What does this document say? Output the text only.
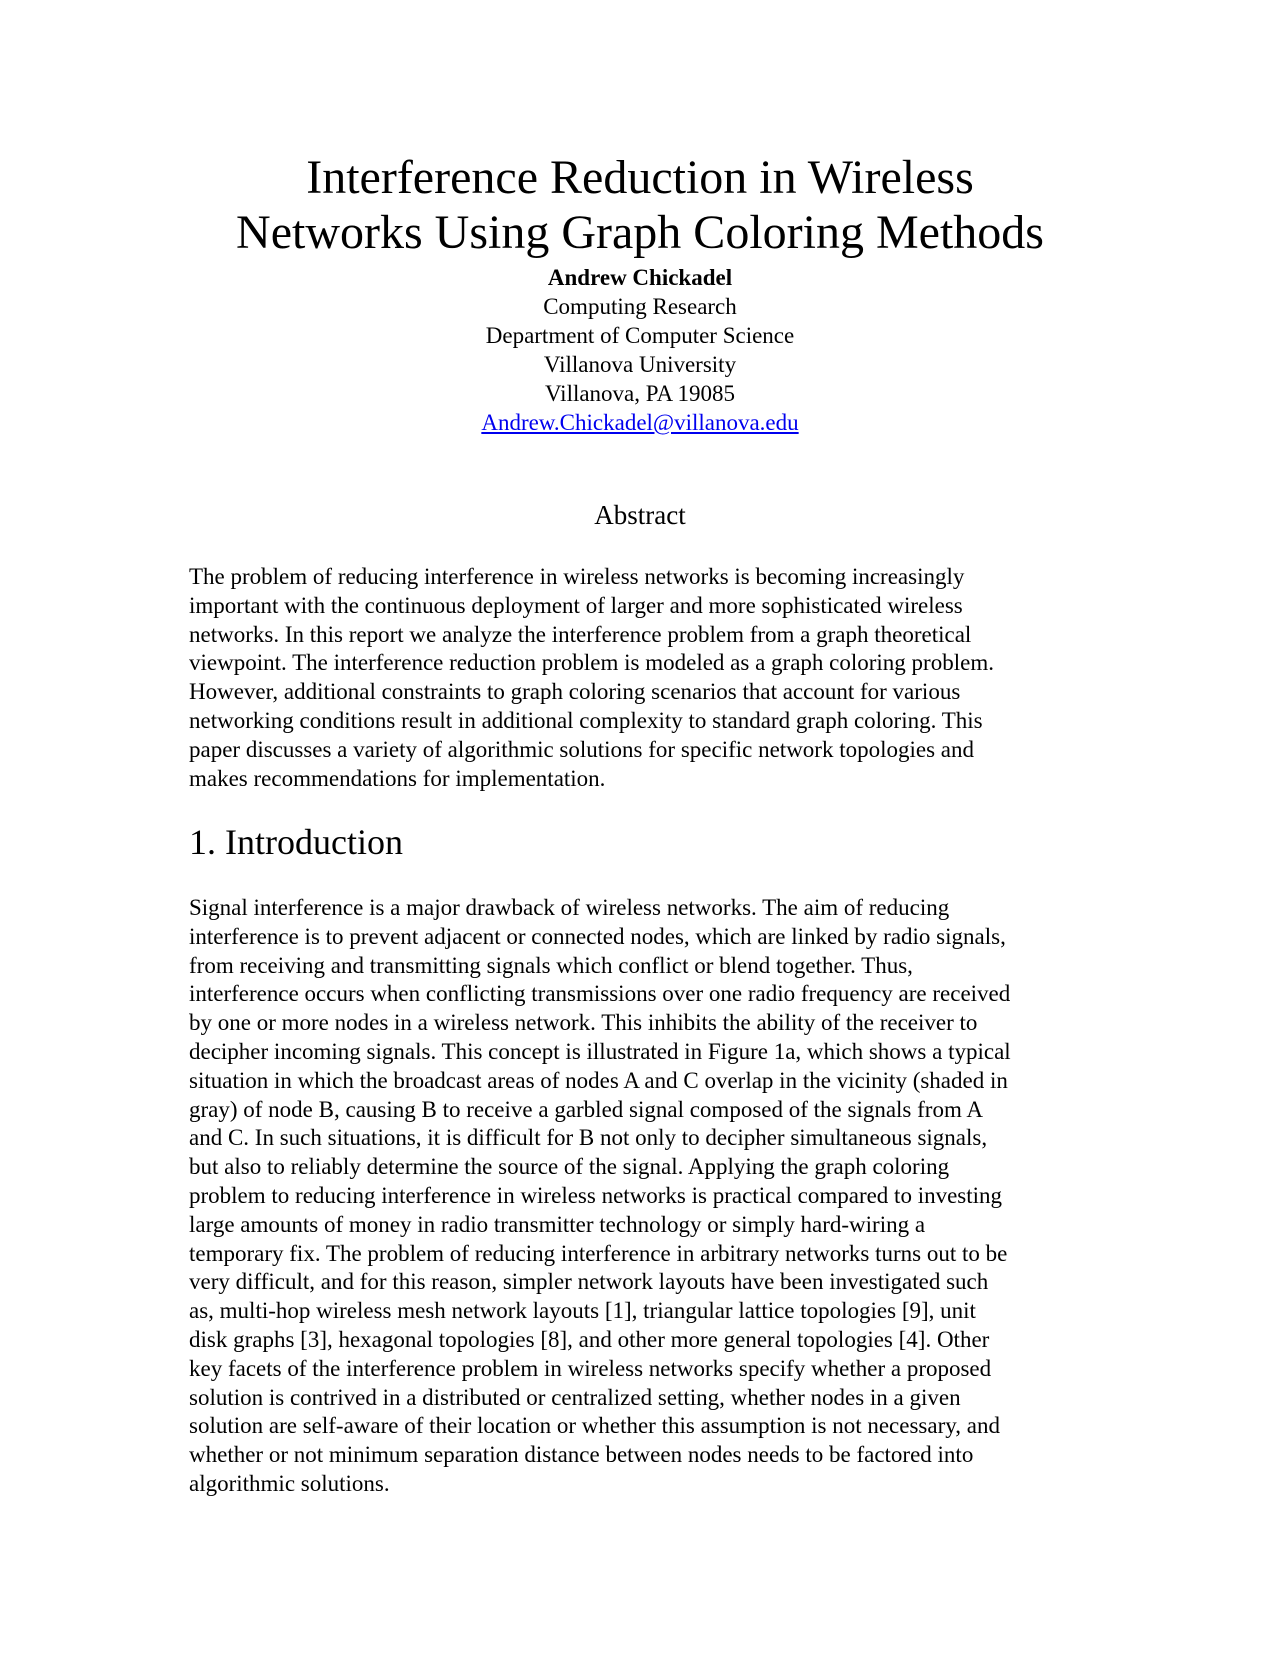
Interference Reduction in Wireless
Networks Using Graph Coloring Methods
Andrew Chickadel
Computing Research
Department of Computer Science
Villanova University
Villanova, PA 19085
Andrew.Chickadel@villanova.edu
Abstract

The problem of reducing interference in wireless networks is becoming increasingly
important with the continuous deployment of larger and more sophisticated wireless
networks. In this report we analyze the interference problem from a graph theoretical
viewpoint. The interference reduction problem is modeled as a graph coloring problem.
However, additional constraints to graph coloring scenarios that account for various
networking conditions result in additional complexity to standard graph coloring. This
paper discusses a variety of algorithmic solutions for specific network topologies and
makes recommendations for implementation.

1. Introduction

Signal interference is a major drawback of wireless networks. The aim of reducing
interference is to prevent adjacent or connected nodes, which are linked by radio signals,
from receiving and transmitting signals which conflict or blend together. Thus,
interference occurs when conflicting transmissions over one radio frequency are received
by one or more nodes in a wireless network. This inhibits the ability of the receiver to
decipher incoming signals. This concept is illustrated in Figure 1a, which shows a typical
situation in which the broadcast areas of nodes A and C overlap in the vicinity (shaded in
gray) of node B, causing B to receive a garbled signal composed of the signals from A
and C. In such situations, it is difficult for B not only to decipher simultaneous signals,
but also to reliably determine the source of the signal. Applying the graph coloring
problem to reducing interference in wireless networks is practical compared to investing
large amounts of money in radio transmitter technology or simply hard-wiring a
temporary fix. The problem of reducing interference in arbitrary networks turns out to be
very difficult, and for this reason, simpler network layouts have been investigated such
as, multi-hop wireless mesh network layouts [1], triangular lattice topologies [9], unit
disk graphs [3], hexagonal topologies [8], and other more general topologies [4]. Other
key facets of the interference problem in wireless networks specify whether a proposed
solution is contrived in a distributed or centralized setting, whether nodes in a given
solution are self-aware of their location or whether this assumption is not necessary, and
whether or not minimum separation distance between nodes needs to be factored into
algorithmic solutions.
